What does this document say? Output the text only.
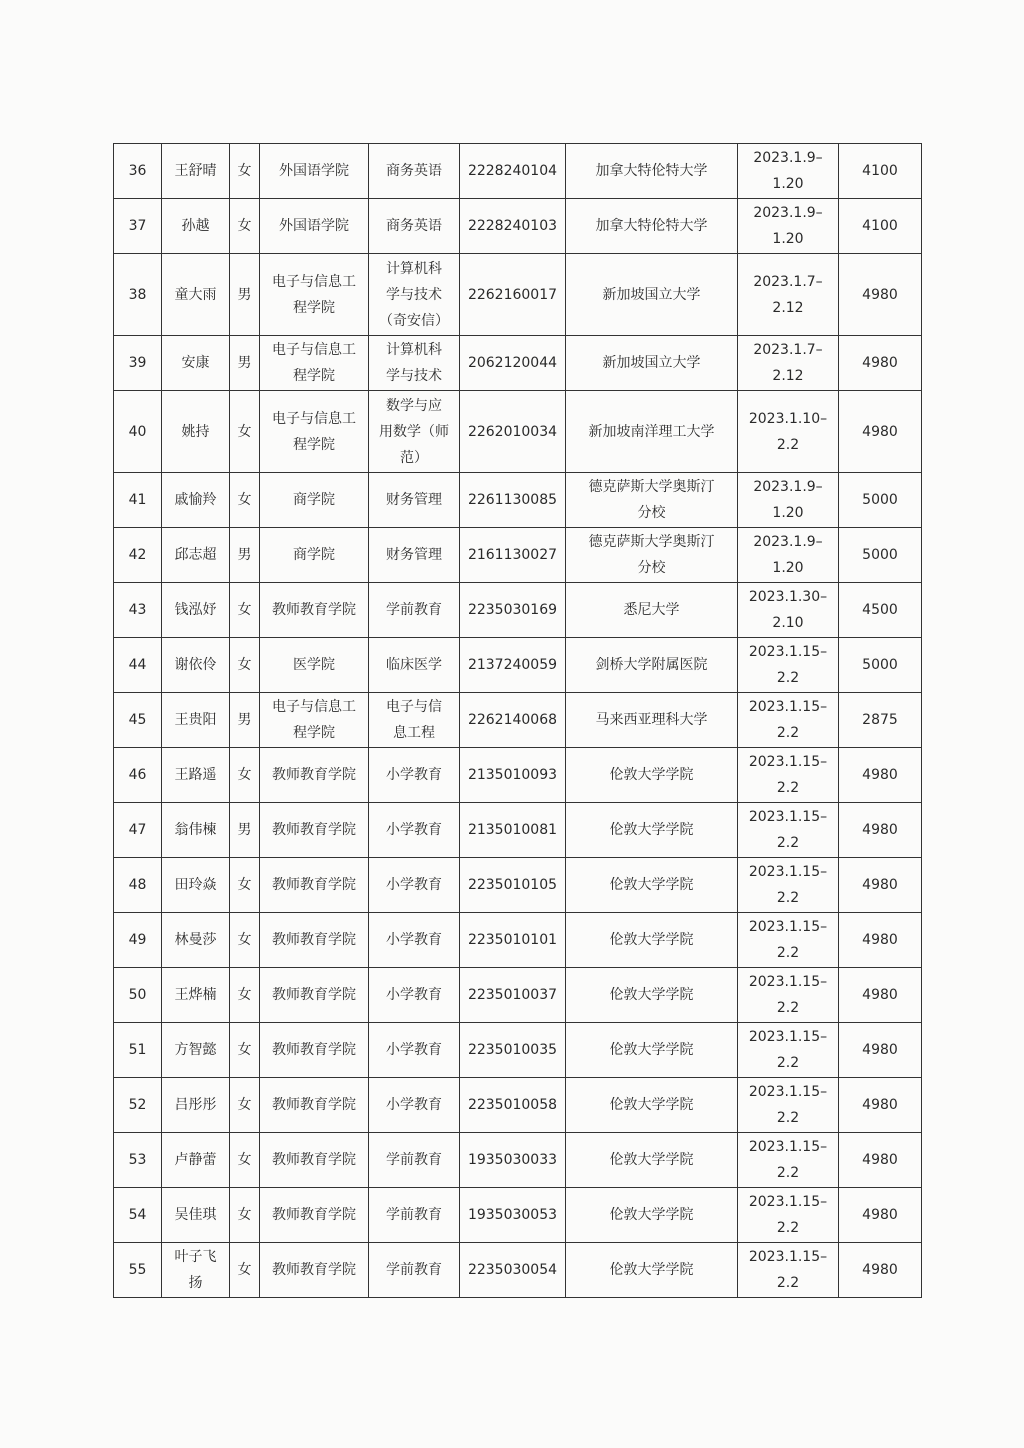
36	王舒晴	女	外国语学院	商务英语	2228240104	加拿大特伦特大学	2023.1.9–
1.20	4100
37	孙越	女	外国语学院	商务英语	2228240103	加拿大特伦特大学	2023.1.9–
1.20	4100
38	童大雨	男	电子与信息工
程学院	计算机科
学与技术
（奇安信）	2262160017	新加坡国立大学	2023.1.7–
2.12	4980
39	安康	男	电子与信息工
程学院	计算机科
学与技术	2062120044	新加坡国立大学	2023.1.7–
2.12	4980
40	姚持	女	电子与信息工
程学院	数学与应
用数学（师
范）	2262010034	新加坡南洋理工大学	2023.1.10–
2.2	4980
41	戚愉羚	女	商学院	财务管理	2261130085	德克萨斯大学奥斯汀
分校	2023.1.9–
1.20	5000
42	邱志超	男	商学院	财务管理	2161130027	德克萨斯大学奥斯汀
分校	2023.1.9–
1.20	5000
43	钱泓妤	女	教师教育学院	学前教育	2235030169	悉尼大学	2023.1.30–
2.10	4500
44	谢依伶	女	医学院	临床医学	2137240059	剑桥大学附属医院	2023.1.15–
2.2	5000
45	王贵阳	男	电子与信息工
程学院	电子与信
息工程	2262140068	马来西亚理科大学	2023.1.15–
2.2	2875
46	王路遥	女	教师教育学院	小学教育	2135010093	伦敦大学学院	2023.1.15–
2.2	4980
47	翁伟楝	男	教师教育学院	小学教育	2135010081	伦敦大学学院	2023.1.15–
2.2	4980
48	田玲焱	女	教师教育学院	小学教育	2235010105	伦敦大学学院	2023.1.15–
2.2	4980
49	林曼莎	女	教师教育学院	小学教育	2235010101	伦敦大学学院	2023.1.15–
2.2	4980
50	王烨楠	女	教师教育学院	小学教育	2235010037	伦敦大学学院	2023.1.15–
2.2	4980
51	方智懿	女	教师教育学院	小学教育	2235010035	伦敦大学学院	2023.1.15–
2.2	4980
52	吕彤彤	女	教师教育学院	小学教育	2235010058	伦敦大学学院	2023.1.15–
2.2	4980
53	卢静蕾	女	教师教育学院	学前教育	1935030033	伦敦大学学院	2023.1.15–
2.2	4980
54	吴佳琪	女	教师教育学院	学前教育	1935030053	伦敦大学学院	2023.1.15–
2.2	4980
55	叶子飞
扬	女	教师教育学院	学前教育	2235030054	伦敦大学学院	2023.1.15–
2.2	4980
